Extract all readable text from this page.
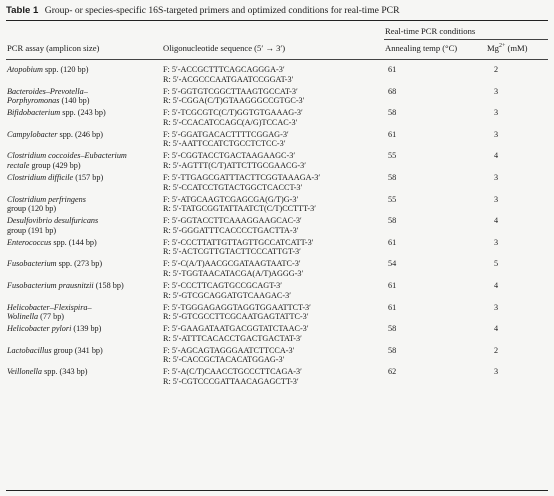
Table 1 Group- or species-specific 16S-targeted primers and optimized conditions for real-time PCR
Real-time PCR conditions
PCR assay (amplicon size)	Oligonucleotide sequence (5′ → 3′)	Annealing temp (°C)	$Mg^{2+}$ (mM)
Atopobium spp. (120 bp)	F: 5′-ACCGCTTTCAGCAGGGA-3′
R: 5′-ACGCCCAATGAATCCGGAT-3′
61	2
Bacteroides–Prevotella–
Porphyromonas (140 bp)
F: 5′-GGTGTCGGCTTAAGTGCCAT-3′
R: 5′-CGGA(C/T)GTAAGGGCCGTGC-3′
68	3
Bifidobacterium spp. (243 bp)	F: 5′-TCGCGTC(C/T)GGTGTGAAAG-3′
R: 5′-CCACATCCAGC(A/G)TCCAC-3′
58	3
Campylobacter spp. (246 bp)	F: 5′-GGATGACACTTTTCGGAG-3′
R: 5′-AATTCCATCTGCCTCTCC-3′
61	3
Clostridium coccoides–Eubacterium
rectale group (429 bp)
F: 5′-CGGTACCTGACTAAGAAGC-3′
R: 5′-AGTTT(C/T)ATTCTTGCGAACG-3′
55	4
Clostridium difficile (157 bp)	F: 5′-TTGAGCGATTTACTTCGGTAAAGA-3′
R: 5′-CCATCCTGTACTGGCTCACCT-3′
58	3
Clostridium perfringens
group (120 bp)
F: 5′-ATGCAAGTCGAGCGA(G/T)G-3′
R: 5′-TATGCGGTATTAATCT(C/T)CCTTT-3′
55	3
Desulfovibrio desulfuricans
group (191 bp)
F: 5′-GGTACCTTCAAAGGAAGCAC-3′
R: 5′-GGGATTTCACCCCTGACTTA-3′
58	4
Enterococcus spp. (144 bp)	F: 5′-CCCTTATTGTTAGTTGCCATCATT-3′
R: 5′-ACTCGTTGTACTTCCCATTGT-3′
61	3
Fusobacterium spp. (273 bp)	F: 5′-C(A/T)AACGCGATAAGTAATC-3′
R: 5′-TGGTAACATACGA(A/T)AGGG-3′
54	5
Fusobacterium prausnitzii (158 bp)	F: 5′-CCCTTCAGTGCCGCAGT-3′
R: 5′-GTCGCAGGATGTCAAGAC-3′
61	4
Helicobacter–Flexispira–
Wolinella (77 bp)
F: 5′-TGGGAGAGGTAGGTGGAATTCT-3′
R: 5′-GTCGCCTTCGCAATGAGTATTC-3′
61	3
Helicobacter pylori (139 bp)	F: 5′-GAAGATAATGACGGTATCTAAC-3′
R: 5′-ATTTCACACCTGACTGACTAT-3′
58	4
Lactobacillus group (341 bp)	F: 5′-AGCAGTAGGGAATCTTCCA-3′
R: 5′-CACCGCTACACATGGAG-3′
58	2
Veillonella spp. (343 bp)	F: 5′-A(C/T)CAACCTGCCCTTCAGA-3′
R: 5′-CGTCCCGATTAACAGAGCTT-3′
62	3
